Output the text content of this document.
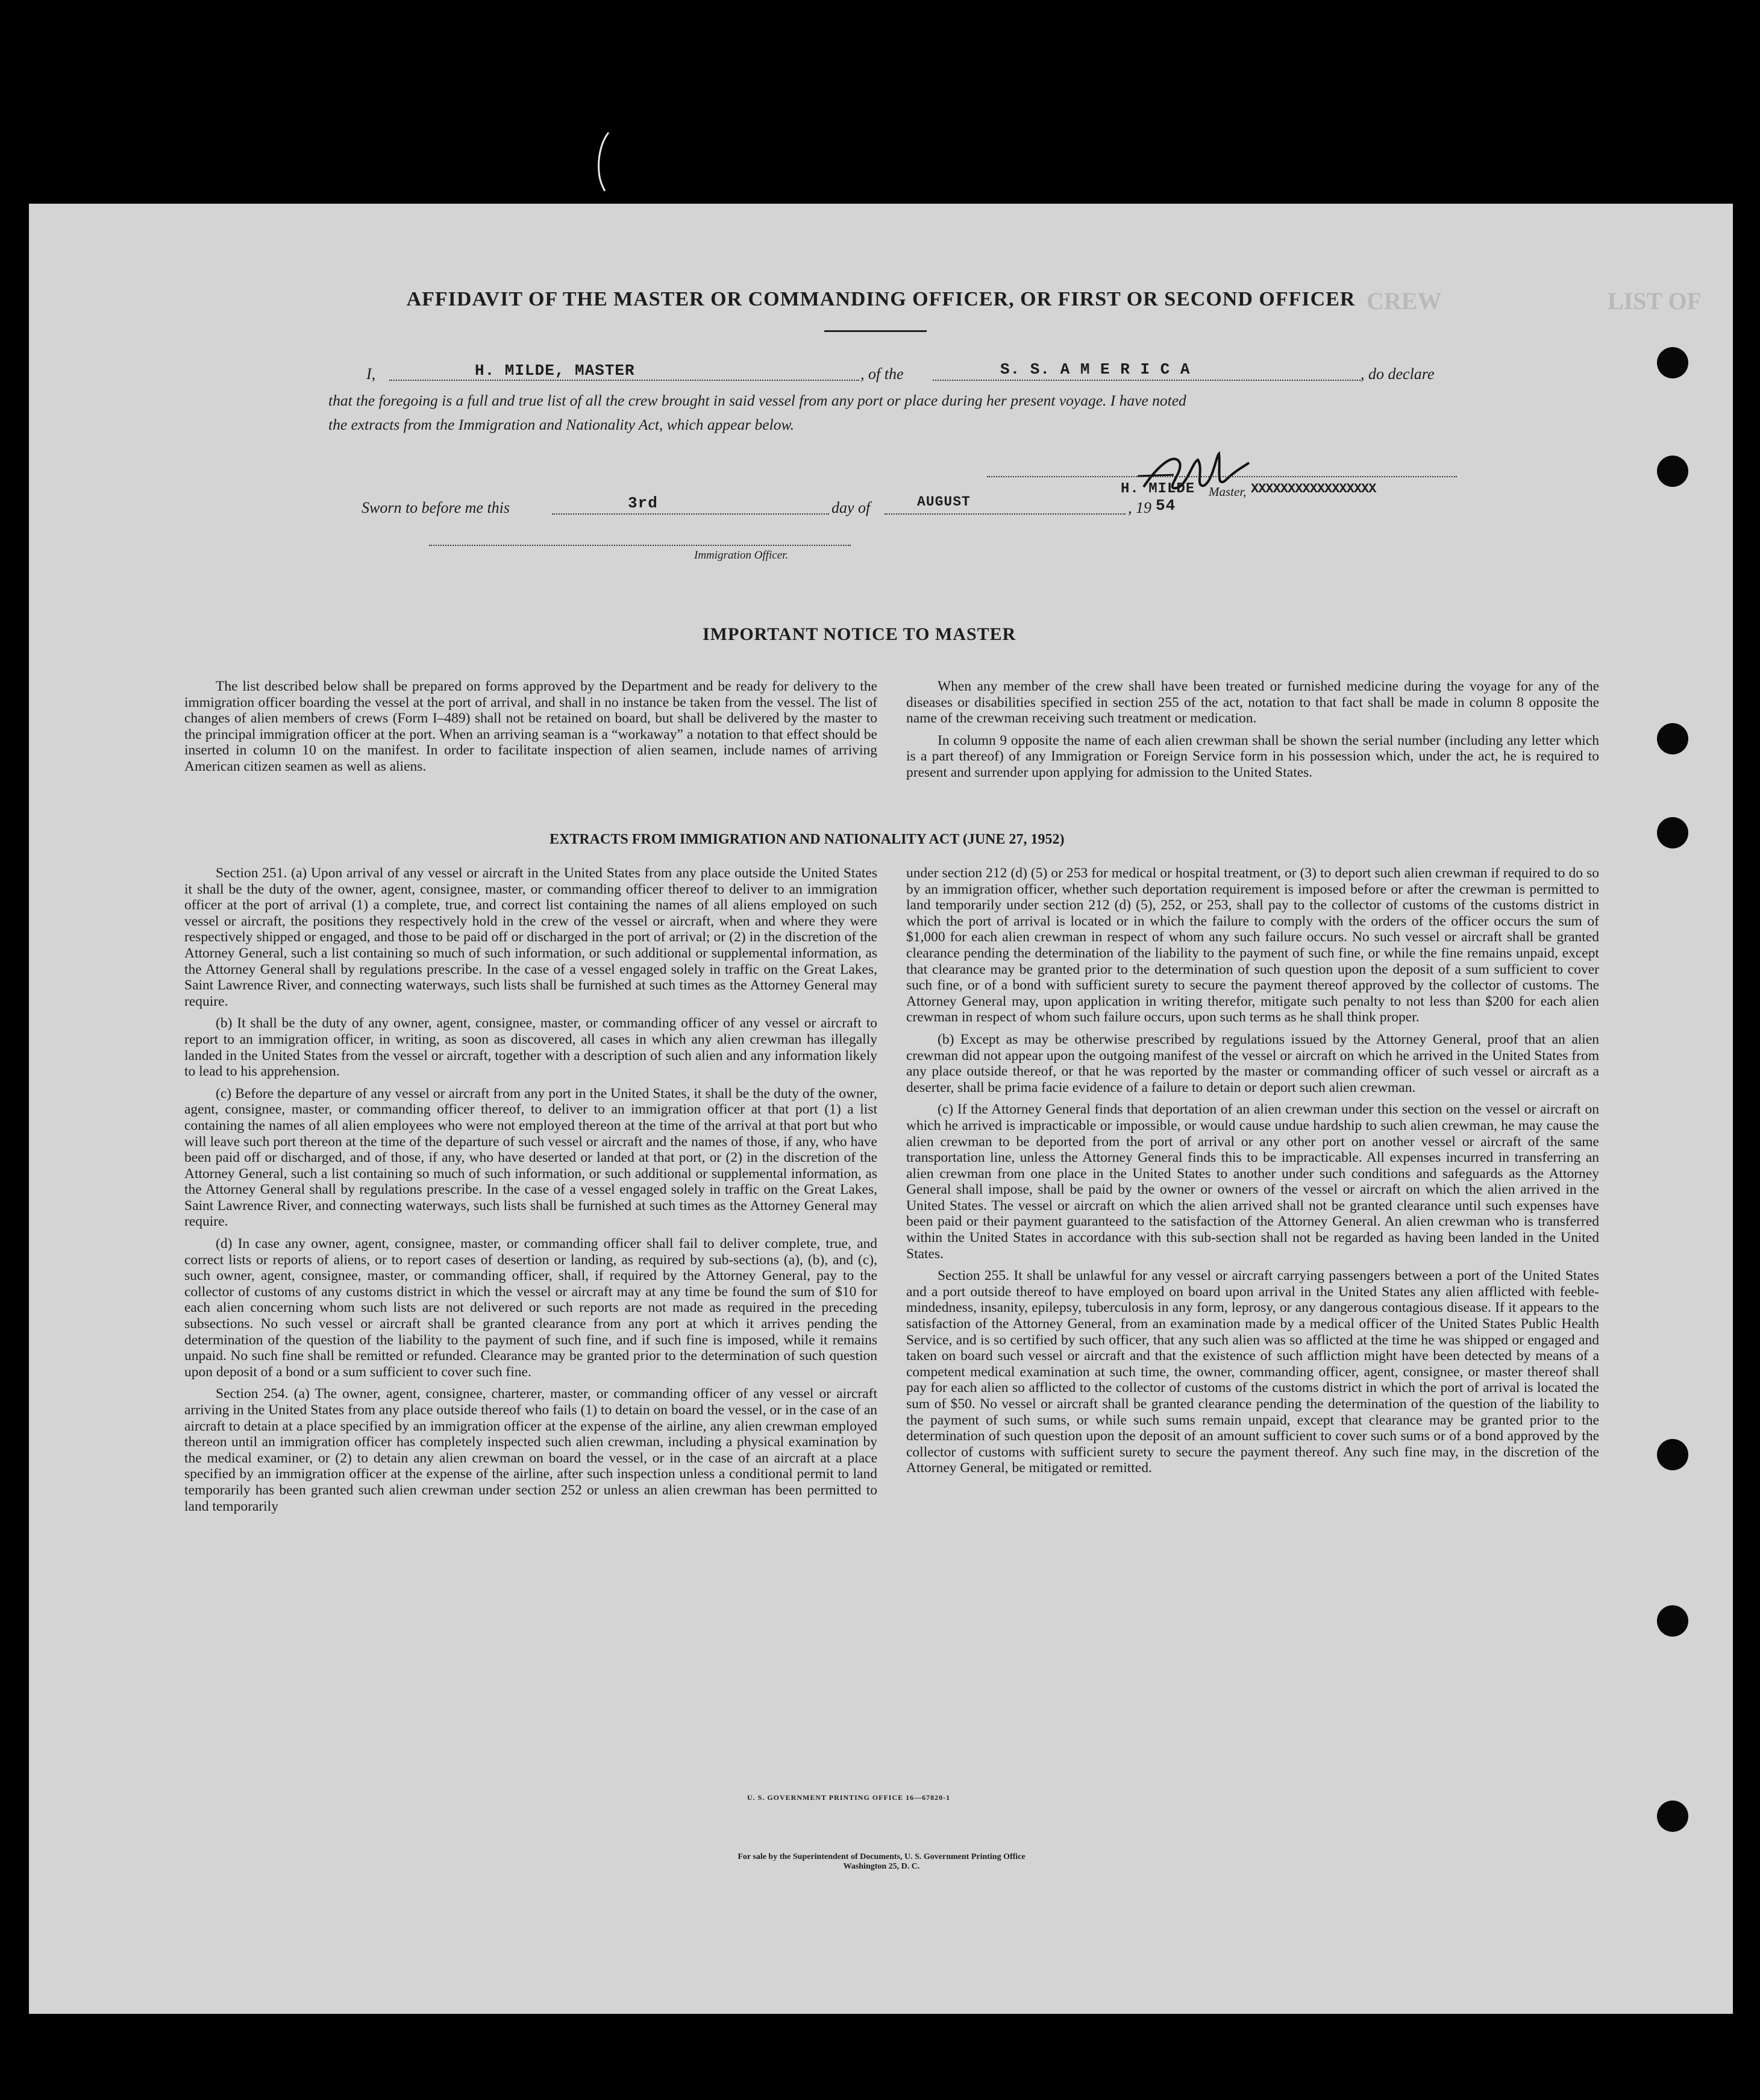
LIST OF
CREW
AFFIDAVIT OF THE MASTER OR COMMANDING OFFICER, OR FIRST OR SECOND OFFICER
I,	H. MILDE, MASTER	, of the	S. S. A M E R I C A	, do declare
that the foregoing is a full and true list of all the crew brought in said vessel from any port or place during her present voyage. I have noted
the extracts from the Immigration and Nationality Act, which appear below.
H. MILDE Master, XXXXXXXXXXXXXXXXX
Sworn to before me this	3rd	day of	AUGUST	, 19 54
Immigration Officer.
IMPORTANT NOTICE TO MASTER

The list described below shall be prepared on forms approved by the Department and be ready for delivery to the immigration officer boarding the vessel at the port of arrival, and shall in no instance be taken from the vessel. The list of changes of alien members of crews (Form I–489) shall not be retained on board, but shall be delivered by the master to the principal immigration officer at the port. When an arriving seaman is a “workaway” a notation to that effect should be inserted in column 10 on the manifest. In order to facilitate inspection of alien seamen, include names of arriving American citizen seamen as well as aliens.

When any member of the crew shall have been treated or furnished medicine during the voyage for any of the diseases or disabilities specified in section 255 of the act, notation to that fact shall be made in column 8 opposite the name of the crewman receiving such treatment or medication.

In column 9 opposite the name of each alien crewman shall be shown the serial number (including any letter which is a part thereof) of any Immigration or Foreign Service form in his possession which, under the act, he is required to present and surrender upon applying for admission to the United States.

EXTRACTS FROM IMMIGRATION AND NATIONALITY ACT (JUNE 27, 1952)

Section 251. (a) Upon arrival of any vessel or aircraft in the United States from any place outside the United States it shall be the duty of the owner, agent, consignee, master, or commanding officer thereof to deliver to an immigration officer at the port of arrival (1) a complete, true, and correct list containing the names of all aliens employed on such vessel or aircraft, the positions they respectively hold in the crew of the vessel or aircraft, when and where they were respectively shipped or engaged, and those to be paid off or discharged in the port of arrival; or (2) in the discretion of the Attorney General, such a list containing so much of such information, or such additional or supplemental information, as the Attorney General shall by regulations prescribe. In the case of a vessel engaged solely in traffic on the Great Lakes, Saint Lawrence River, and connecting waterways, such lists shall be furnished at such times as the Attorney General may require.

(b) It shall be the duty of any owner, agent, consignee, master, or commanding officer of any vessel or aircraft to report to an immigration officer, in writing, as soon as discovered, all cases in which any alien crewman has illegally landed in the United States from the vessel or aircraft, together with a description of such alien and any information likely to lead to his apprehension.

(c) Before the departure of any vessel or aircraft from any port in the United States, it shall be the duty of the owner, agent, consignee, master, or commanding officer thereof, to deliver to an immigration officer at that port (1) a list containing the names of all alien employees who were not employed thereon at the time of the arrival at that port but who will leave such port thereon at the time of the departure of such vessel or aircraft and the names of those, if any, who have been paid off or discharged, and of those, if any, who have deserted or landed at that port, or (2) in the discretion of the Attorney General, such a list containing so much of such information, or such additional or supplemental information, as the Attorney General shall by regulations prescribe. In the case of a vessel engaged solely in traffic on the Great Lakes, Saint Lawrence River, and connecting waterways, such lists shall be furnished at such times as the Attorney General may require.

(d) In case any owner, agent, consignee, master, or commanding officer shall fail to deliver complete, true, and correct lists or reports of aliens, or to report cases of desertion or landing, as required by sub-sections (a), (b), and (c), such owner, agent, consignee, master, or commanding officer, shall, if required by the Attorney General, pay to the collector of customs of any customs district in which the vessel or aircraft may at any time be found the sum of $10 for each alien concerning whom such lists are not delivered or such reports are not made as required in the preceding subsections. No such vessel or aircraft shall be granted clearance from any port at which it arrives pending the determination of the question of the liability to the payment of such fine, and if such fine is imposed, while it remains unpaid. No such fine shall be remitted or refunded. Clearance may be granted prior to the determination of such question upon deposit of a bond or a sum sufficient to cover such fine.

Section 254. (a) The owner, agent, consignee, charterer, master, or commanding officer of any vessel or aircraft arriving in the United States from any place outside thereof who fails (1) to detain on board the vessel, or in the case of an aircraft to detain at a place specified by an immigration officer at the expense of the airline, any alien crewman employed thereon until an immigration officer has completely inspected such alien crewman, including a physical examination by the medical examiner, or (2) to detain any alien crewman on board the vessel, or in the case of an aircraft at a place specified by an immigration officer at the expense of the airline, after such inspection unless a conditional permit to land temporarily has been granted such alien crewman under section 252 or unless an alien crewman has been permitted to land temporarily

under section 212 (d) (5) or 253 for medical or hospital treatment, or (3) to deport such alien crewman if required to do so by an immigration officer, whether such deportation requirement is imposed before or after the crewman is permitted to land temporarily under section 212 (d) (5), 252, or 253, shall pay to the collector of customs of the customs district in which the port of arrival is located or in which the failure to comply with the orders of the officer occurs the sum of $1,000 for each alien crewman in respect of whom any such failure occurs. No such vessel or aircraft shall be granted clearance pending the determination of the liability to the payment of such fine, or while the fine remains unpaid, except that clearance may be granted prior to the determination of such question upon the deposit of a sum sufficient to cover such fine, or of a bond with sufficient surety to secure the payment thereof approved by the collector of customs. The Attorney General may, upon application in writing therefor, mitigate such penalty to not less than $200 for each alien crewman in respect of whom such failure occurs, upon such terms as he shall think proper.

(b) Except as may be otherwise prescribed by regulations issued by the Attorney General, proof that an alien crewman did not appear upon the outgoing manifest of the vessel or aircraft on which he arrived in the United States from any place outside thereof, or that he was reported by the master or commanding officer of such vessel or aircraft as a deserter, shall be prima facie evidence of a failure to detain or deport such alien crewman.

(c) If the Attorney General finds that deportation of an alien crewman under this section on the vessel or aircraft on which he arrived is impracticable or impossible, or would cause undue hardship to such alien crewman, he may cause the alien crewman to be deported from the port of arrival or any other port on another vessel or aircraft of the same transportation line, unless the Attorney General finds this to be impracticable. All expenses incurred in transferring an alien crewman from one place in the United States to another under such conditions and safeguards as the Attorney General shall impose, shall be paid by the owner or owners of the vessel or aircraft on which the alien arrived in the United States. The vessel or aircraft on which the alien arrived shall not be granted clearance until such expenses have been paid or their payment guaranteed to the satisfaction of the Attorney General. An alien crewman who is transferred within the United States in accordance with this sub-section shall not be regarded as having been landed in the United States.

Section 255. It shall be unlawful for any vessel or aircraft carrying passengers between a port of the United States and a port outside thereof to have employed on board upon arrival in the United States any alien afflicted with feeble-mindedness, insanity, epilepsy, tuberculosis in any form, leprosy, or any dangerous contagious disease. If it appears to the satisfaction of the Attorney General, from an examination made by a medical officer of the United States Public Health Service, and is so certified by such officer, that any such alien was so afflicted at the time he was shipped or engaged and taken on board such vessel or aircraft and that the existence of such affliction might have been detected by means of a competent medical examination at such time, the owner, commanding officer, agent, consignee, or master thereof shall pay for each alien so afflicted to the collector of customs of the customs district in which the port of arrival is located the sum of $50. No vessel or aircraft shall be granted clearance pending the determination of the question of the liability to the payment of such sums, or while such sums remain unpaid, except that clearance may be granted prior to the determination of such question upon the deposit of an amount sufficient to cover such sums or of a bond approved by the collector of customs with sufficient surety to secure the payment thereof. Any such fine may, in the discretion of the Attorney General, be mitigated or remitted.

U. S. GOVERNMENT PRINTING OFFICE 16—67820-1
For sale by the Superintendent of Documents, U. S. Government Printing Office
Washington 25, D. C.
